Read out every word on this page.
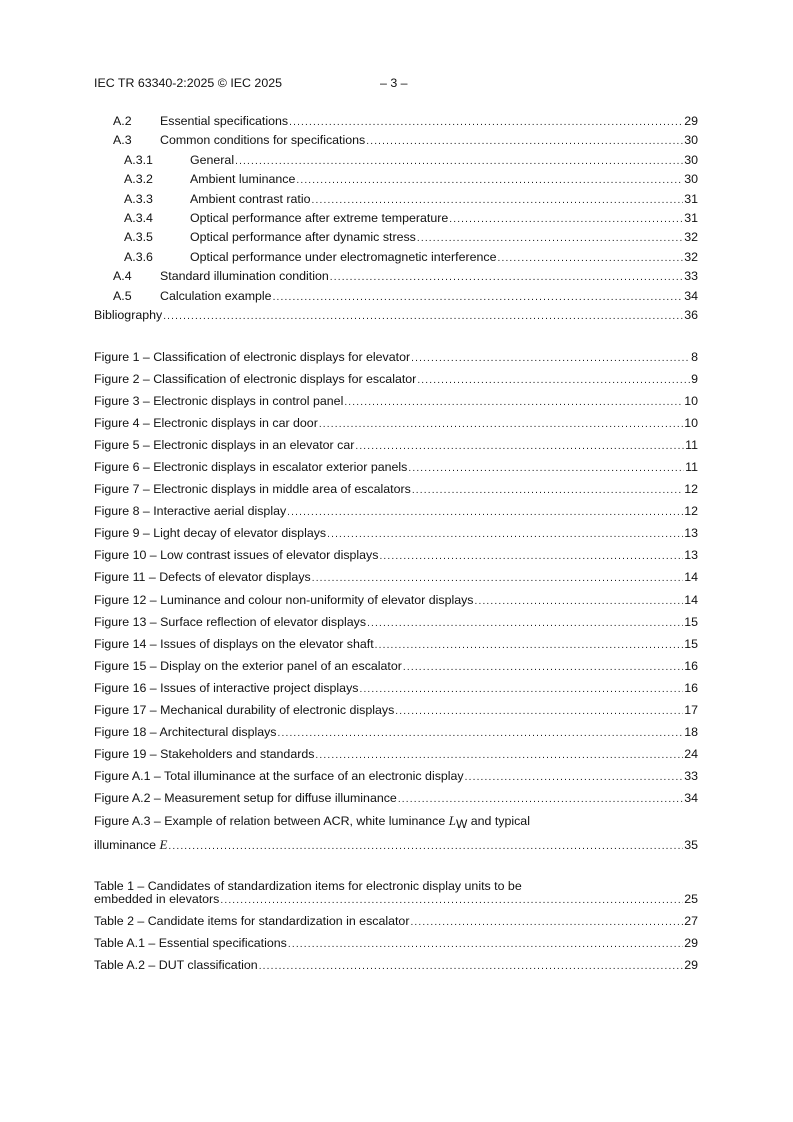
IEC TR 63340-2:2025 © IEC 2025	– 3 –
A.2	Essential specifications .....	29
A.3	Common conditions for specifications .....	30
A.3.1	General .....	30
A.3.2	Ambient luminance .....	30
A.3.3	Ambient contrast ratio .....	31
A.3.4	Optical performance after extreme temperature .....	31
A.3.5	Optical performance after dynamic stress .....	32
A.3.6	Optical performance under electromagnetic interference .....	32
A.4	Standard illumination condition .....	33
A.5	Calculation example .....	34
Bibliography .....	36
Figure 1 – Classification of electronic displays for elevator .....	8
Figure 2 – Classification of electronic displays for escalator .....	9
Figure 3 – Electronic displays in control panel .....	10
Figure 4 – Electronic displays in car door .....	10
Figure 5 – Electronic displays in an elevator car .....	11
Figure 6 – Electronic displays in escalator exterior panels .....	11
Figure 7 – Electronic displays in middle area of escalators .....	12
Figure 8 – Interactive aerial display .....	12
Figure 9 – Light decay of elevator displays .....	13
Figure 10 – Low contrast issues of elevator displays .....	13
Figure 11 – Defects of elevator displays .....	14
Figure 12 – Luminance and colour non-uniformity of elevator displays .....	14
Figure 13 – Surface reflection of elevator displays .....	15
Figure 14 – Issues of displays on the elevator shaft .....	15
Figure 15 – Display on the exterior panel of an escalator .....	16
Figure 16 – Issues of interactive project displays .....	16
Figure 17 – Mechanical durability of electronic displays .....	17
Figure 18 – Architectural displays .....	18
Figure 19 – Stakeholders and standards .....	24
Figure A.1 – Total illuminance at the surface of an electronic display .....	33
Figure A.2 – Measurement setup for diffuse illuminance .....	34
Figure A.3 – Example of relation between ACR, white luminance LW and typical
illuminance E .....	35
Table 1 – Candidates of standardization items for electronic display units to be
embedded in elevators .....	25
Table 2 – Candidate items for standardization in escalator .....	27
Table A.1 – Essential specifications .....	29
Table A.2 – DUT classification .....	29
